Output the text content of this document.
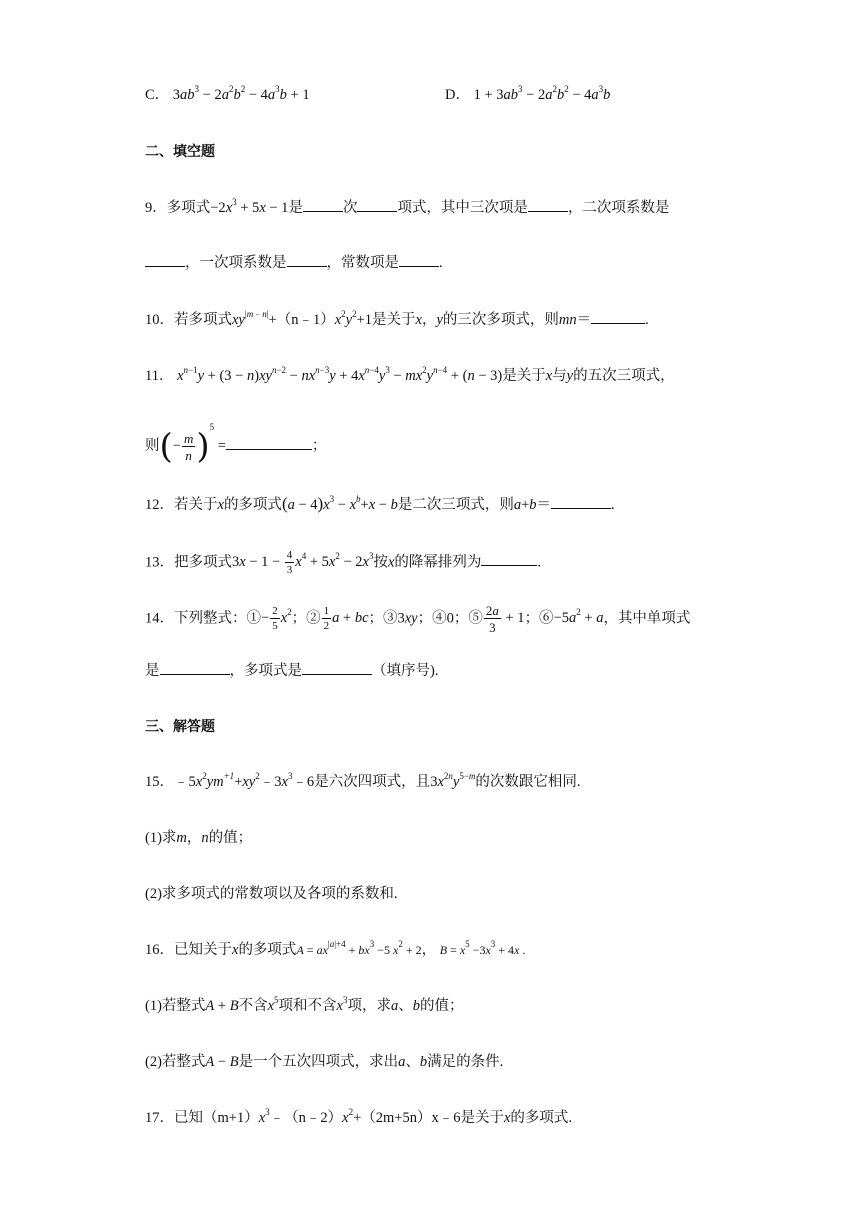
C． $3ab^3 - 2a^2b^2 - 4a^3b + 1$	D． $1 + 3ab^3 - 2a^2b^2 - 4a^3b$
二、填空题
9．多项式$-2x^3 + 5x - 1$是	次	项式，其中三次项是	，二次项系数是
，一次项系数是	，常数项是	.
10．若多项式$xy^{|m﹣n|}+(n﹣1)x^2y^2+1$是关于x，y的三次多项式，则mn＝	.
11． $x^{n-1}y + (3 - n)xy^{n-2} - nx^{n-3}y + 4x^{n-4}y^3 - mx^2y^{n-4} + (n - 3)$是关于x与y的五次三项式，
则(− $\frac{m}{n} )^5$ =	；
12．若关于x的多项式$(a - 4)x^3 - x^b+x - b$是二次三项式，则a+b＝	.
13．把多项式$3x - 1 - \frac{4}{3} x^4 + 5x^2 - 2x^3$按x的降幂排列为	.
14．下列整式：①− $\frac{2}{5} x^2$；② $\frac{1}{2}$ a + bc；③3xy；④0；⑤ $\frac{2a}{3} + 1$；$⑥-5a^2 + a$，其中单项式
是	，多项式是	（填序号).
三、解答题
15．$﹣5x^2ym^{+1}+xy^2﹣3x^3﹣6$是六次四项式，且$3x^{2n}y^{5-m}$的次数跟它相同.
(1)求m，n的值；
(2)求多项式的常数项以及各项的系数和.
16．已知关于x的多项式$A = ax^{|a|+4} + bx^3 -5$ $x^2 + 2$， $B = x^5 -3x^3 + 4x$ .
(1)若整式A + B不含$x^5$项和不含$x^3$项，求a、b的值；
(2)若整式A − B是一个五次四项式，求出a、b满足的条件.
17．已知$(m+1)x^3﹣(n﹣2)x^2+(2m+5n)x﹣6$是关于x的多项式.
